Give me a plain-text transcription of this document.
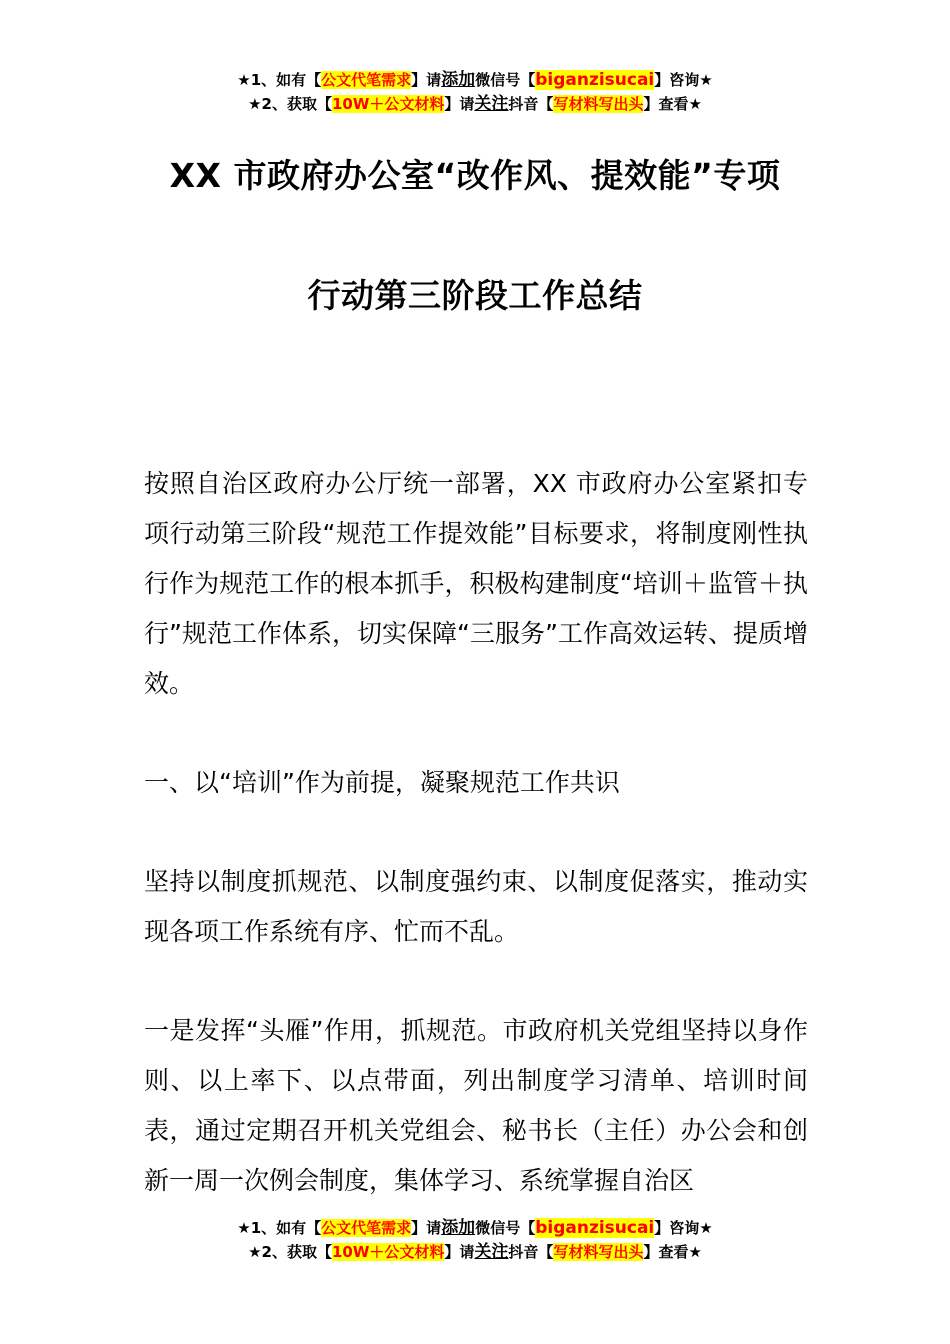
★1、如有【公文代笔需求】请添加微信号【biganzisucai】咨询★
★2、获取【10W＋公文材料】请关注抖音【写材料写出头】查看★
XX 市政府办公室“改作风、提效能”专项
行动第三阶段工作总结
按照自治区政府办公厅统一部署，XX 市政府办公室紧扣专项行动第三阶段“规范工作提效能”目标要求，将制度刚性执行作为规范工作的根本抓手，积极构建制度“培训＋监管＋执行”规范工作体系，切实保障“三服务”工作高效运转、提质增效。
一、以“培训”作为前提，凝聚规范工作共识
坚持以制度抓规范、以制度强约束、以制度促落实，推动实现各项工作系统有序、忙而不乱。
一是发挥“头雁”作用，抓规范。市政府机关党组坚持以身作则、以上率下、以点带面，列出制度学习清单、培训时间表，通过定期召开机关党组会、秘书长（主任）办公会和创新一周一次例会制度，集体学习、系统掌握自治区
★1、如有【公文代笔需求】请添加微信号【biganzisucai】咨询★
★2、获取【10W＋公文材料】请关注抖音【写材料写出头】查看★
